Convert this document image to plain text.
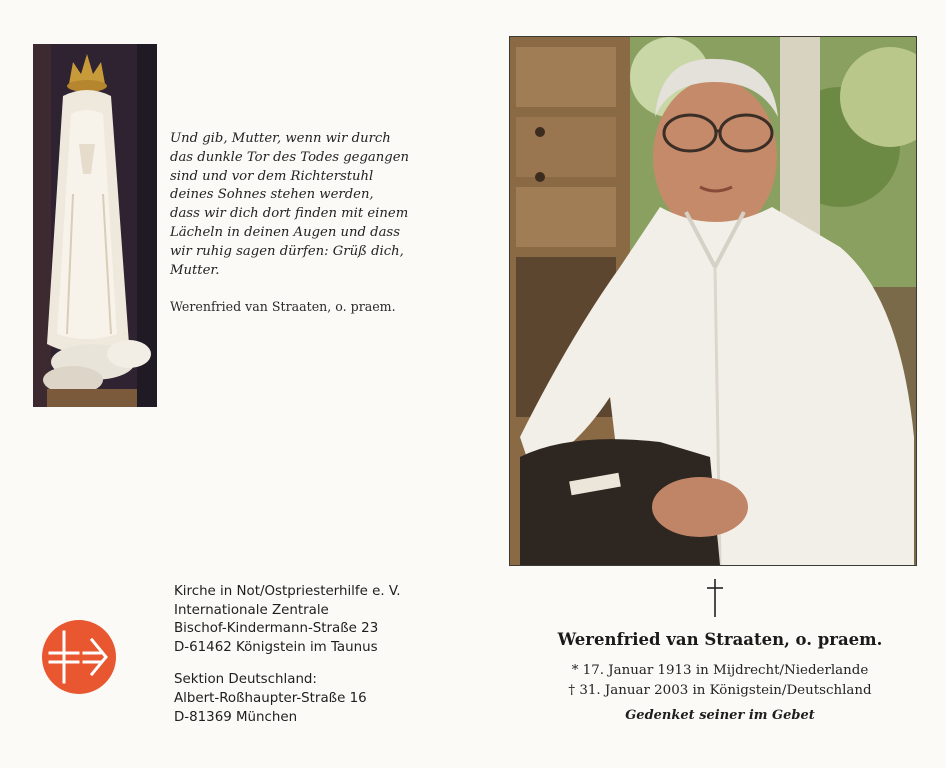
Und gib, Mutter, wenn wir durch
das dunkle Tor des Todes gegangen
sind und vor dem Richterstuhl
deines Sohnes stehen werden,
dass wir dich dort finden mit einem
Lächeln in deinen Augen und dass
wir ruhig sagen dürfen: Grüß dich,
Mutter.
Werenfried van Straaten, o. praem.
Kirche in Not/Ostpriesterhilfe e. V.
Internationale Zentrale
Bischof-Kindermann-Straße 23
D-61462 Königstein im Taunus
Sektion Deutschland:
Albert-Roßhaupter-Straße 16
D-81369 München
Werenfried van Straaten, o. praem.
* 17. Januar 1913 in Mijdrecht/Niederlande
† 31. Januar 2003 in Königstein/Deutschland
Gedenket seiner im Gebet
